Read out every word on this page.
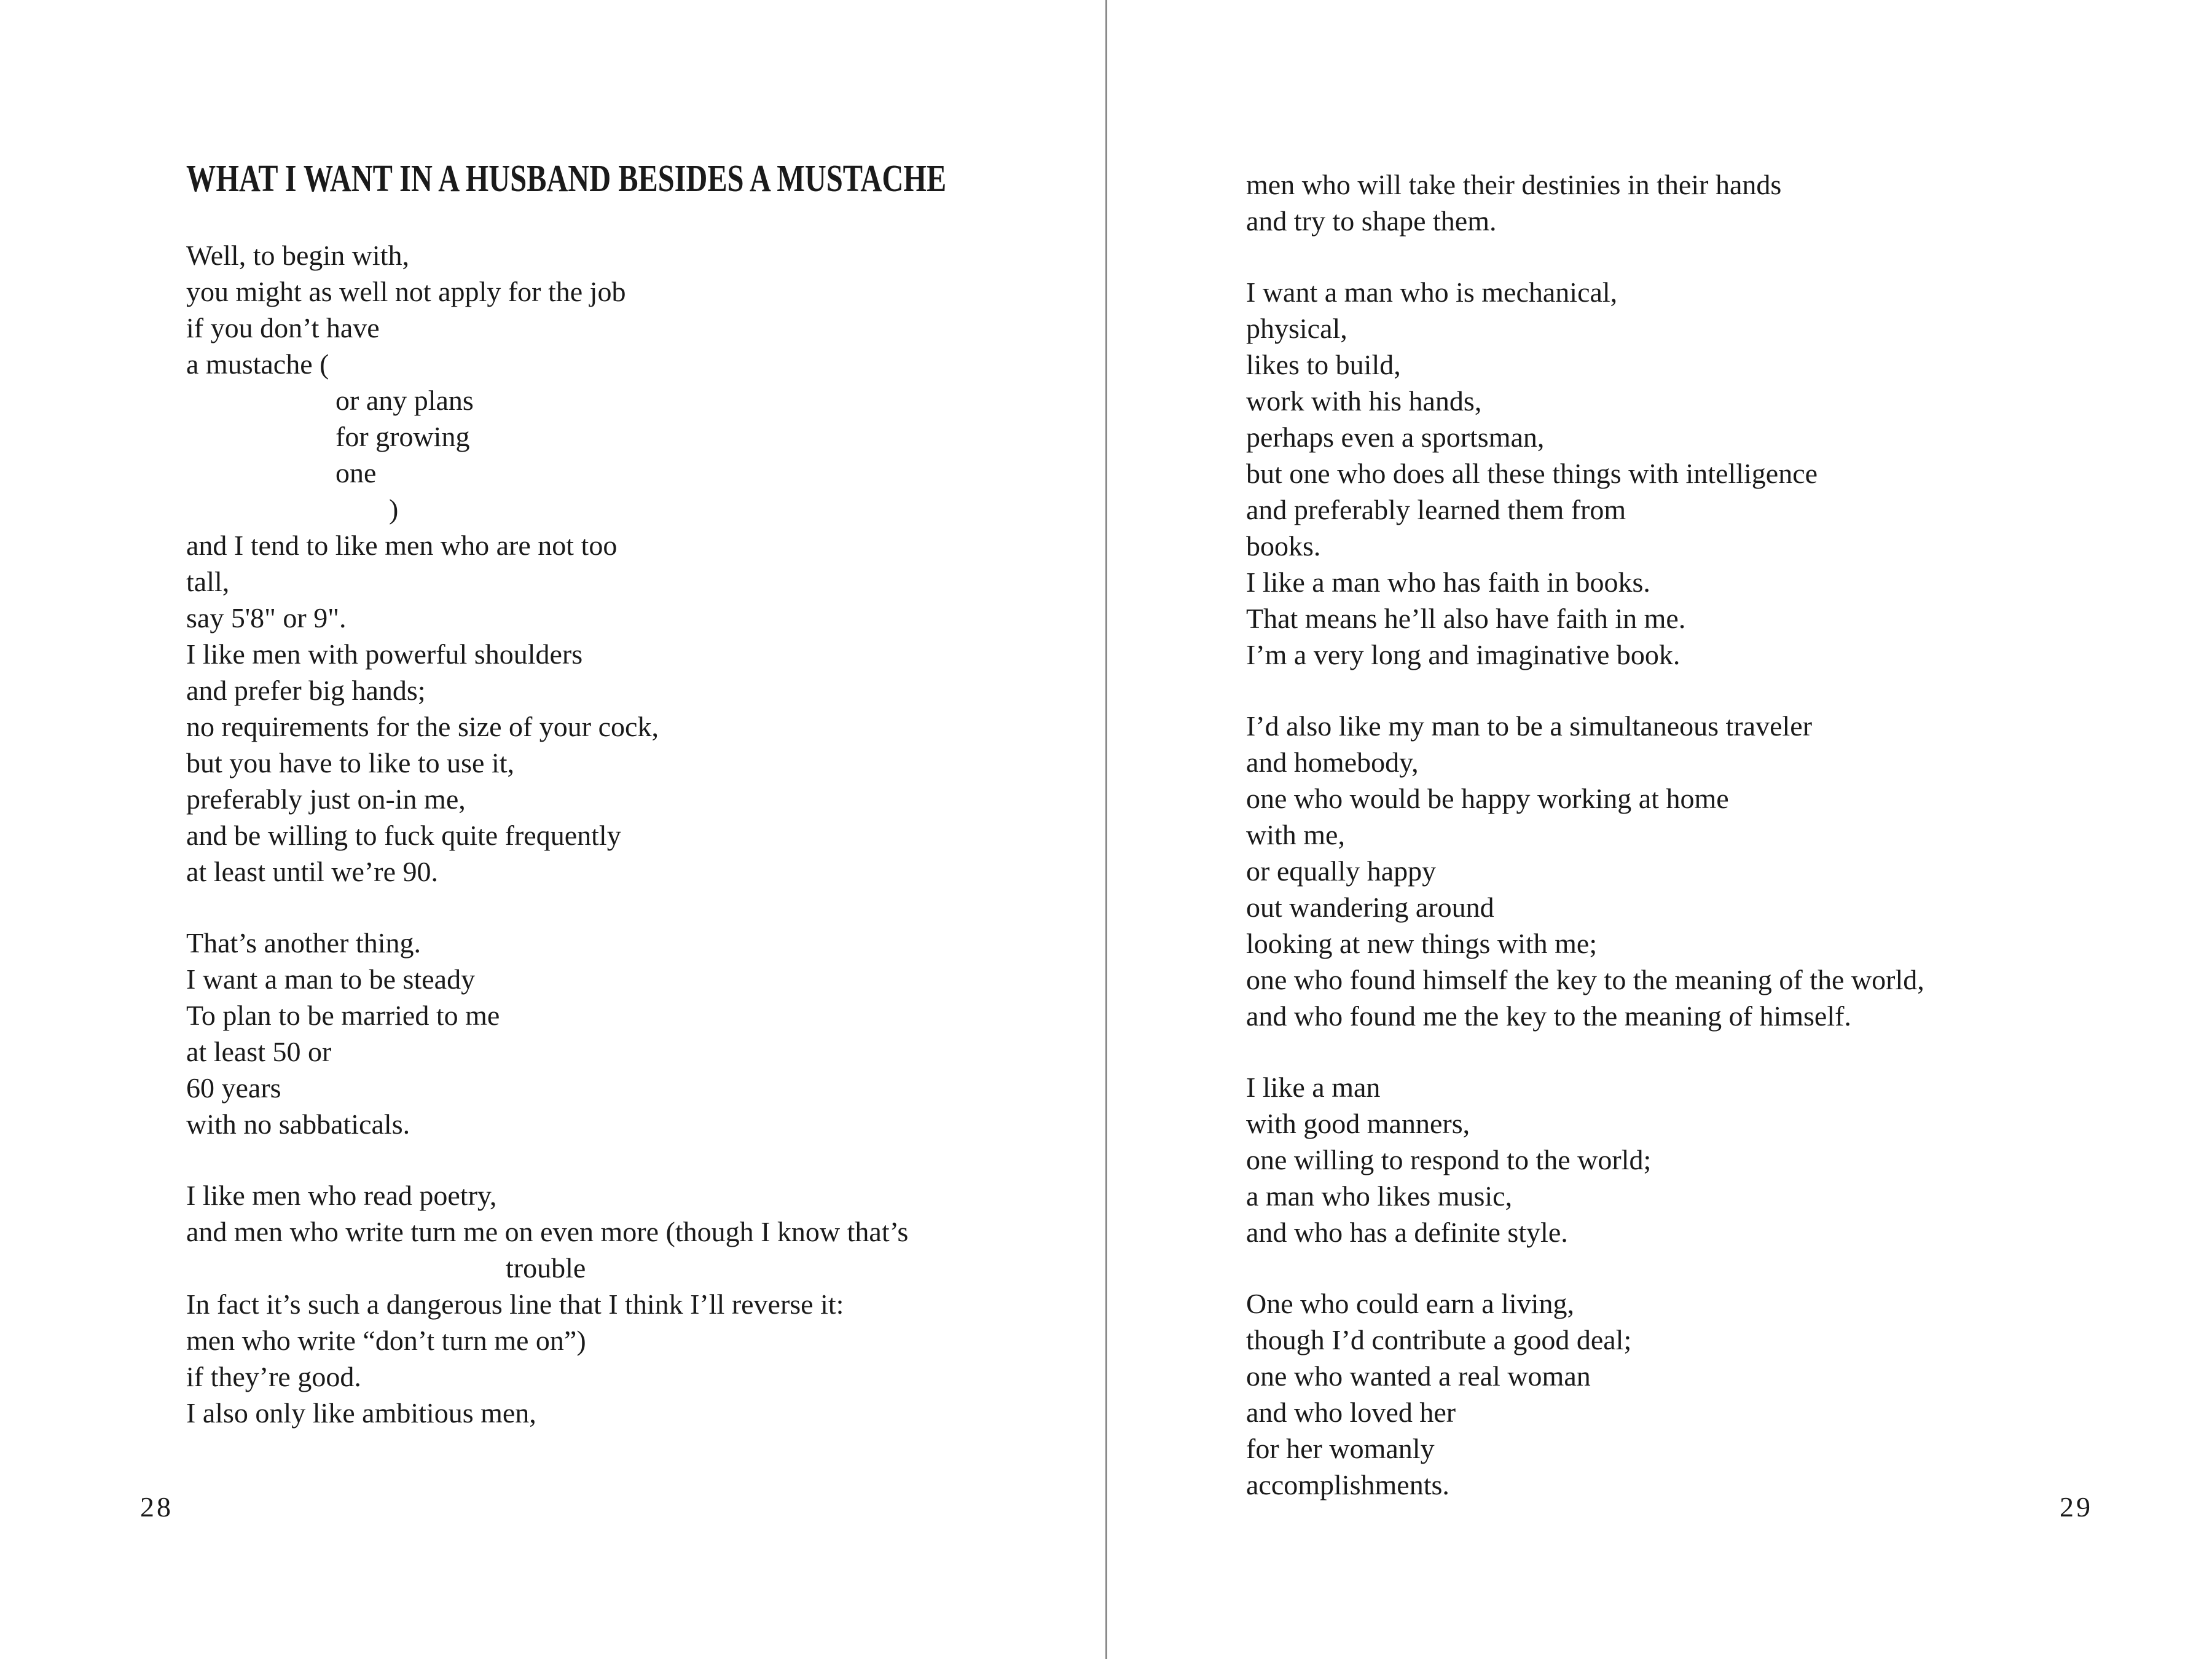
WHAT I WANT IN A HUSBAND BESIDES A MUSTACHE
Well, to begin with,
you might as well not apply for the job
if you don’t have
a mustache (
or any plans
for growing
one
)
and I tend to like men who are not too
tall,
say 5'8" or 9".
I like men with powerful shoulders
and prefer big hands;
no requirements for the size of your cock,
but you have to like to use it,
preferably just on-in me,
and be willing to fuck quite frequently
at least until we’re 90.
That’s another thing.
I want a man to be steady
To plan to be married to me
at least 50 or
60 years
with no sabbaticals.
I like men who read poetry,
and men who write turn me on even more (though I know that’s
trouble
In fact it’s such a dangerous line that I think I’ll reverse it:
men who write “don’t turn me on”)
if they’re good.
I also only like ambitious men,
men who will take their destinies in their hands
and try to shape them.
I want a man who is mechanical,
physical,
likes to build,
work with his hands,
perhaps even a sportsman,
but one who does all these things with intelligence
and preferably learned them from
books.
I like a man who has faith in books.
That means he’ll also have faith in me.
I’m a very long and imaginative book.
I’d also like my man to be a simultaneous traveler
and homebody,
one who would be happy working at home
with me,
or equally happy
out wandering around
looking at new things with me;
one who found himself the key to the meaning of the world,
and who found me the key to the meaning of himself.
I like a man
with good manners,
one willing to respond to the world;
a man who likes music,
and who has a definite style.
One who could earn a living,
though I’d contribute a good deal;
one who wanted a real woman
and who loved her
for her womanly
accomplishments.
28	29
